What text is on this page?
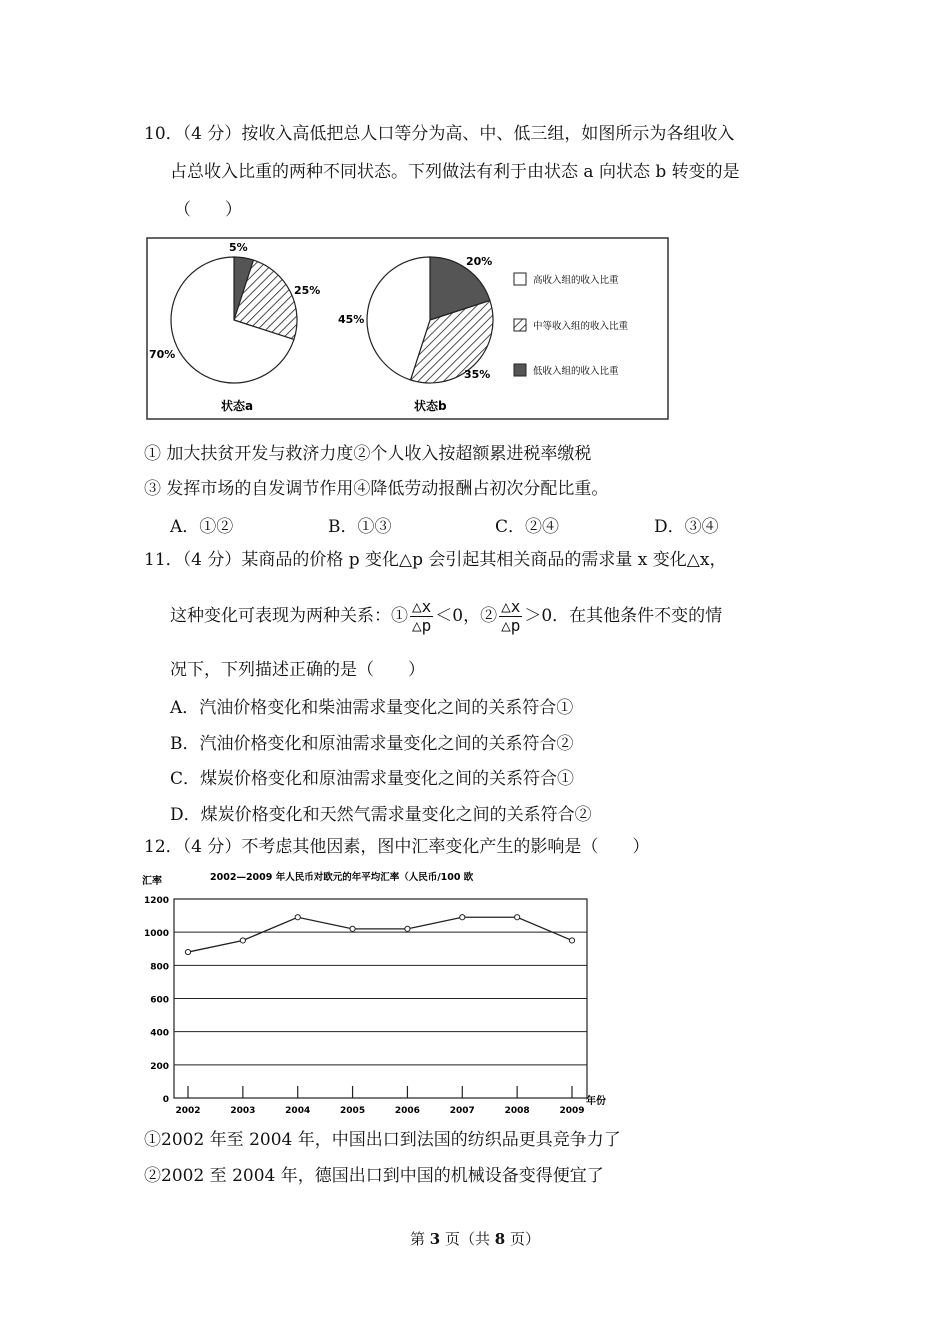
10．（4 分）按收入高低把总人口等分为高、中、低三组，如图所示为各组收入
占总收入比重的两种不同状态。下列做法有利于由状态 a 向状态 b 转变的是
（　　）
状态a	状态b
5%
25%
70%
20%
35%
45%
高收入组的收入比重
中等收入组的收入比重
低收入组的收入比重
① 加大扶贫开发与救济力度②个人收入按超额累进税率缴税
③ 发挥市场的自发调节作用④降低劳动报酬占初次分配比重。
A．①②	B．①③	C．②④	D．③④
11．（4 分）某商品的价格 p 变化△p 会引起其相关商品的需求量 x 变化△x，
这种变化可表现为两种关系：① $\frac{\triangle x}{\triangle p} <0$，② $\frac{\triangle x}{\triangle p} >0$．在其他条件不变的情
况下，下列描述正确的是（　　）
A．汽油价格变化和柴油需求量变化之间的关系符合①
B．汽油价格变化和原油需求量变化之间的关系符合②
C．煤炭价格变化和原油需求量变化之间的关系符合①
D．煤炭价格变化和天然气需求量变化之间的关系符合②
12．（4 分）不考虑其他因素，图中汇率变化产生的影响是（　　）
2002—2009 年人民币对欧元的年平均汇率（人民币/100 欧
汇率
年份
0
200
400
600
800
1000
1200
2002	2003	2004	2005	2006	2007	2008	2009
①2002 年至 2004 年，中国出口到法国的纺织品更具竞争力了
②2002 至 2004 年，德国出口到中国的机械设备变得便宜了
第 3 页（共 8 页）
